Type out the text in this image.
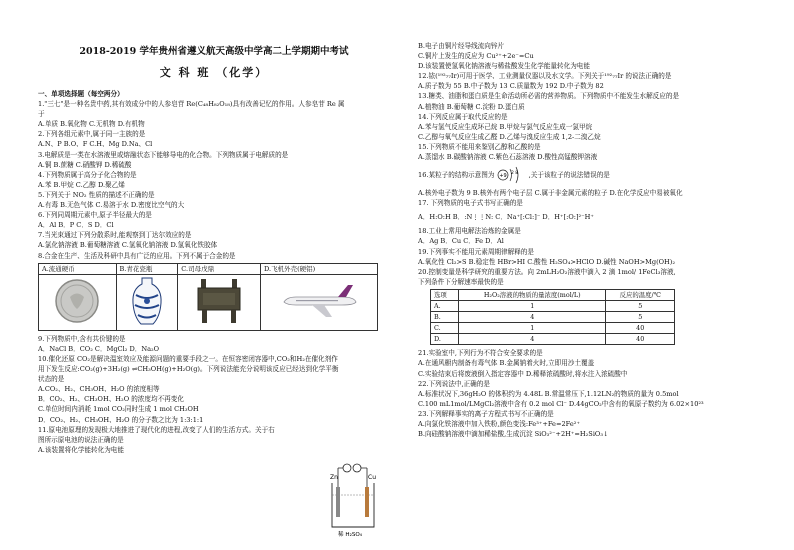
2018-2019 学年贵州省遵义航天高级中学高二上学期期中考试
文 科 班 （化学）
一、单项选择题（每空两分）
1."三七"是一种名贵中药,其有效成分中的人参皂苷 Re(C₄₈H₈₂O₁₈)具有改善记忆的作用。人参皂苷 Re 属
于
A.单质 B.氧化物 C.无机物 D.有机物
2.下列各组元素中,属于同一主族的是
A.N、P B.O、F C.H、Mg D.Na、Cl
3.电解质是一类在水溶液里或熔融状态下能够导电的化合物。下列物质属于电解质的是
A.铜 B.蔗糖 C.硝酸钾 D.稀硫酸
4.下列物质属于高分子化合物的是
A.苯 B.甲烷 C.乙醇 D.聚乙烯
5.下列关于 NO₂ 性质的描述不正确的是
A.有毒 B.无色气体 C.易溶于水 D.密度比空气的大
6.下列同周期元素中,原子半径最大的是
A．Al B．P C．S D．Cl
7.当光束通过下列分散系时,能观察到丁达尔效应的是
A.氯化钠溶液 B.葡萄糖溶液 C.氢氧化钠溶液 D.氢氧化铁胶体
8.合金在生产、生活及科研中具有广泛的应用。下列不属于合金的是
A.流通硬币	B.青花瓷瓶	C.司母戊鼎	D.飞机外壳(硬铝)

9.下列物质中,含有共价键的是
A．NaCl B．CO₂ C．MgCl₂ D．Na₂O
10.催化还原 CO₂是解决温室效应及能源问题的重要手段之一。在恒容密闭容器中,CO₂和H₂在催化剂作
用下发生反应:CO₂(g)+3H₂(g) ⇌CH₃OH(g)+H₂O(g)。下列说法能充分说明该反应已经达到化学平衡
状态的是
A.CO₂、H₂、CH₃OH、H₂O 的浓度相等
B．CO₂、H₂、CH₃OH、H₂O 的浓度均不再变化
C.单位时间内消耗 1mol CO₂同时生成 1 mol CH₃OH
D．CO₂、H₂、CH₃OH、H₂O 的分子数之比为 1:3:1:1
11.原电池原理的发现极大地推进了现代化的进程,改变了人们的生活方式。关于右
图所示原电池的说法正确的是
A.该装置将化学能转化为电能
Zn	Cu
稀 H₂SO₄
B.电子由铜片经导线流向锌片
C.铜片上发生的反应为 Cu²⁺+2e⁻=Cu
D.该装置使氢氧化钠溶液与稀盐酸发生化学能量转化为电能
12.铱(¹⁹²₇₇Ir)可用于医学、工业测量仪器以及水文学。下列关于¹⁹²₇₇Ir 的说法正确的是
A.质子数为 55 B.中子数为 13 C.质量数为 192 D.中子数为 82
13.糖类、油脂和蛋白质是生命活动所必需的营养物质。下列物质中不能发生水解反应的是
A.植物油 B.葡萄糖 C.淀粉 D.蛋白质
14.下列反应属于取代反应的是
A.苯与氢气反应生成环己烷 B.甲烷与氯气反应生成一氯甲烷
C.乙醇与氧气反应生成乙醛 D.乙烯与溴反应生成 1,2-二溴乙烷
15.下列物质不能用来鉴别乙醇和乙酸的是
A.蒸馏水 B.碳酸钠溶液 C.紫色石蕊溶液 D.酸性高锰酸钾溶液
16.某粒子的结构示意图为 +9 2 8 ,关于该粒子的说法错误的是
A.核外电子数为 9 B.核外有两个电子层 C.属于非金属元素的粒子 D.在化学反应中易被氧化
17. 下列物质的电子式书写正确的是
A．H:O:H B．:N⋮⋮N: C．Na⁺[:Cl:]⁻ D．H⁺[:O:]²⁻H⁺
18.工业上常用电解法冶炼的金属是
A．Ag B．Cu C．Fe D．Al
19.下列事实不能用元素周期律解释的是
A.氧化性 Cl₂>S B.稳定性 HBr>HI C.酸性 H₂SO₄>HClO D.碱性 NaOH>Mg(OH)₂
20.控制变量是科学研究的重要方法。向 2mLH₂O₂溶液中滴入 2 滴 1mol/ 1FeCl₃溶液,
下列条件下分解速率最快的是
选项	H₂O₂溶液的物质的量浓度(mol/L)	反应的温度/℃
A.	1	5
B.	4	5
C.	1	40
D.	4	40
21.实验室中,下列行为不符合安全要求的是
A.在通风橱内制备有毒气体 B.金属钠着火时,立即用沙土覆盖
C.实验结束后将废液倒入指定容器中 D.稀释浓硫酸时,将水注入浓硫酸中
22.下列说法中,正确的是
A.标准状况下,36gH₂O 的体积约为 4.48L B.常温常压下,1.12LN₂的物质的量为 0.5mol
C.100 mL1mol/LMgCl₂溶液中含有 0.2 mol Cl⁻ D.44gCO₂中含有的氧原子数约为 6.02×10²³
23.下列解释事实的离子方程式书写不正确的是
A.向氯化铁溶液中加入铁粉,颜色变浅:Fe³⁺+Fe=2Fe²⁺
B.向硅酸钠溶液中滴加稀盐酸,生成沉淀 SiO₃²⁻+2H⁺=H₂SiO₃↓
